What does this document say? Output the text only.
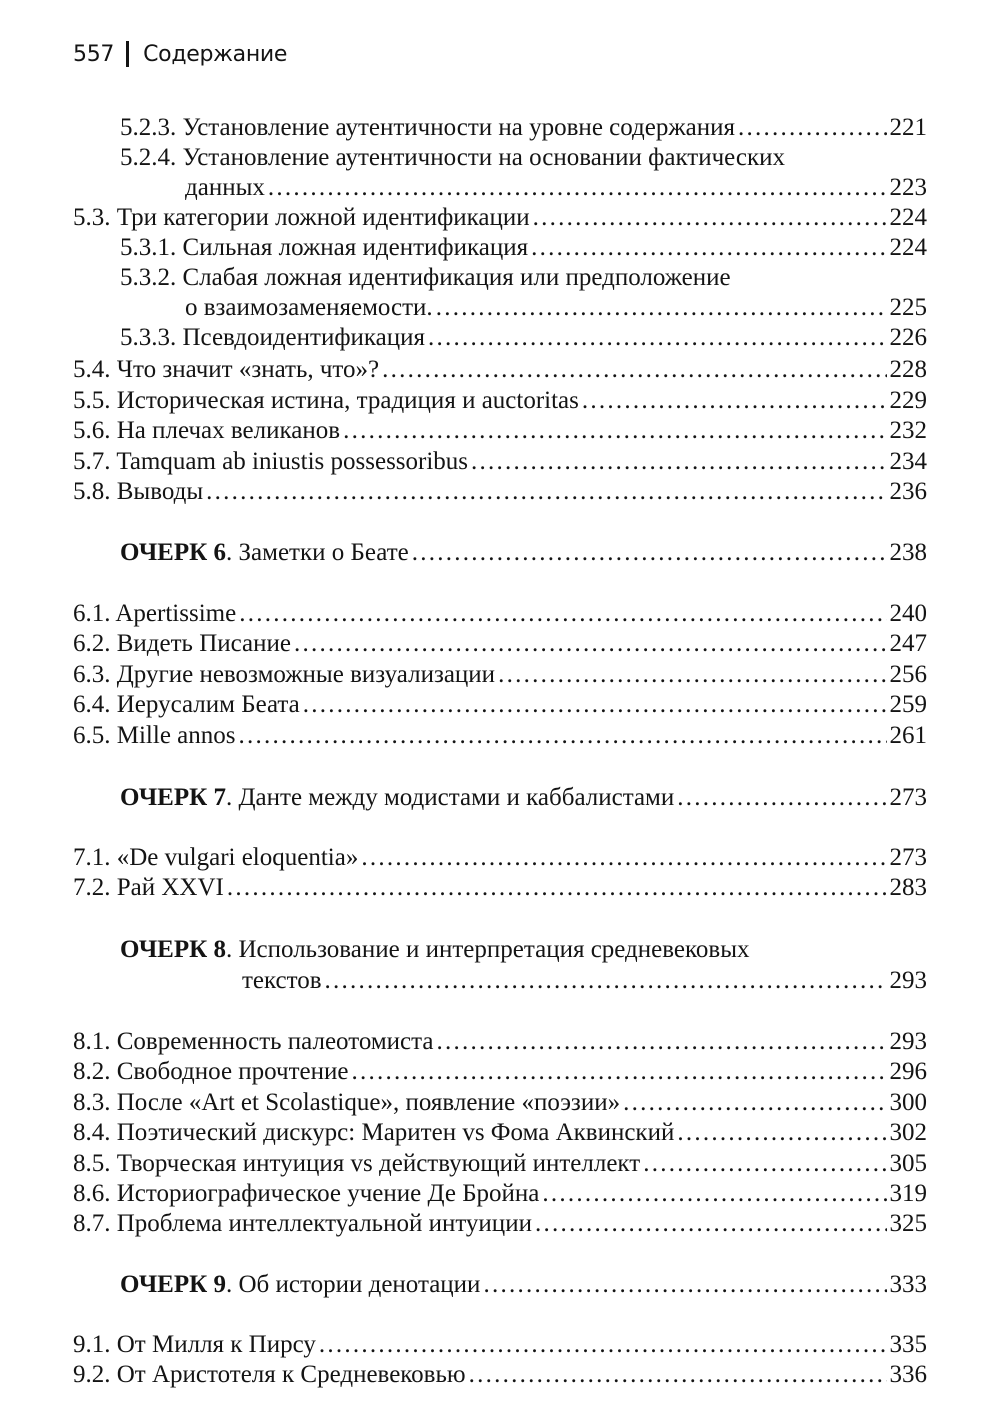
557 Содержание
5.2.3. Установление аутентичности на уровне содержания . . .	221
5.2.4. Установление аутентичности на основании фактических
данных . . .	223
5.3. Три категории ложной идентификации . . .	224
5.3.1. Сильная ложная идентификация . . .	224
5.3.2. Слабая ложная идентификация или предположение
о взаимозаменяемости. . . .	225
5.3.3. Псевдоидентификация . . .	226
5.4. Что значит «знать, что»? . . .	228
5.5. Историческая истина, традиция и auctoritas . . .	229
5.6. На плечах великанов . . .	232
5.7. Tamquam ab iniustis possessoribus . . .	234
5.8. Выводы . . .	236
ОЧЕРК 6. Заметки о Беате . . .	238
6.1. Apertissime . . .	240
6.2. Видеть Писание . . .	247
6.3. Другие невозможные визуализации . . .	256
6.4. Иерусалим Беата . . .	259
6.5. Mille annos . . .	261
ОЧЕРК 7. Данте между модистами и каббалистами . . .	273
7.1. «De vulgari eloquentia» . . .	273
7.2. Рай XXVI . . .	283
ОЧЕРК 8. Использование и интерпретация средневековых
текстов . . .	293
8.1. Современность палеотомиста . . .	293
8.2. Свободное прочтение . . .	296
8.3. После «Art et Scolastique», появление «поэзии» . . .	300
8.4. Поэтический дискурс: Маритен vs Фома Аквинский . . .	302
8.5. Творческая интуиция vs действующий интеллект . . .	305
8.6. Историографическое учение Де Бройна . . .	319
8.7. Проблема интеллектуальной интуиции . . .	325
ОЧЕРК 9. Об истории денотации . . .	333
9.1. От Милля к Пирсу . . .	335
9.2. От Аристотеля к Средневековью . . .	336
